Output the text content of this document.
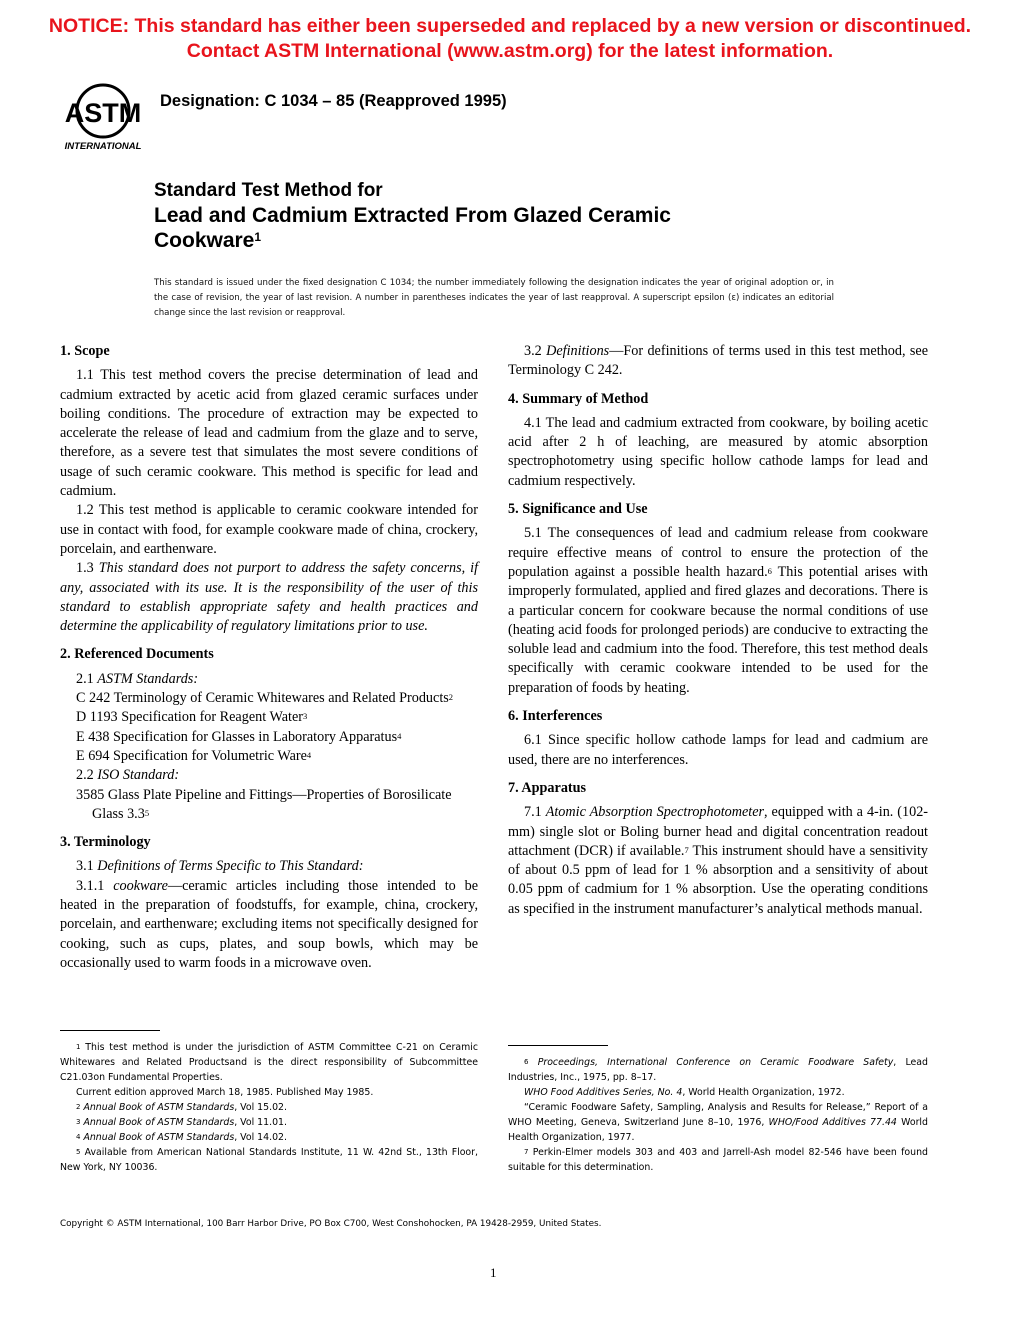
NOTICE: This standard has either been superseded and replaced by a new version or discontinued.
Contact ASTM International (www.astm.org) for the latest information.
ASTM
INTERNATIONAL
Designation: C 1034 – 85 (Reapproved 1995)
Standard Test Method for
Lead and Cadmium Extracted From Glazed Ceramic
Cookware$^1$
This standard is issued under the fixed designation C 1034; the number immediately following the designation indicates the year of original adoption or, in the case of revision, the year of last revision. A number in parentheses indicates the year of last reapproval. A superscript epsilon (ε) indicates an editorial change since the last revision or reapproval.
1. Scope

1.1 This test method covers the precise determination of lead and cadmium extracted by acetic acid from glazed ceramic surfaces under boiling conditions. The procedure of extraction may be expected to accelerate the release of lead and cadmium from the glaze and to serve, therefore, as a severe test that simulates the most severe conditions of usage of such ceramic cookware. This method is specific for lead and cadmium.

1.2 This test method is applicable to ceramic cookware intended for use in contact with food, for example cookware made of china, crockery, porcelain, and earthenware.

1.3 This standard does not purport to address the safety concerns, if any, associated with its use. It is the responsibility of the user of this standard to establish appropriate safety and health practices and determine the applicability of regulatory limitations prior to use.

2. Referenced Documents

2.1 ASTM Standards:

C 242 Terminology of Ceramic Whitewares and Related Products$^2$

D 1193 Specification for Reagent Water$^3$

E 438 Specification for Glasses in Laboratory Apparatus$^4$

E 694 Specification for Volumetric Ware$^4$

2.2 ISO Standard:

3585 Glass Plate Pipeline and Fittings—Properties of Borosilicate Glass $3.3^5$

3. Terminology

3.1 Definitions of Terms Specific to This Standard:

3.1.1 cookware—ceramic articles including those intended to be heated in the preparation of foodstuffs, for example, china, crockery, porcelain, and earthenware; excluding items not specifically designed for cooking, such as cups, plates, and soup bowls, which may be occasionally used to warm foods in a microwave oven.

3.2 Definitions—For definitions of terms used in this test method, see Terminology C 242.

4. Summary of Method

4.1 The lead and cadmium extracted from cookware, by boiling acetic acid after 2 h of leaching, are measured by atomic absorption spectrophotometry using specific hollow cathode lamps for lead and cadmium respectively.

5. Significance and Use

5.1 The consequences of lead and cadmium release from cookware require effective means of control to ensure the protection of the population against a possible health hazard.$^6$ This potential arises with improperly formulated, applied and fired glazes and decorations. There is a particular concern for cookware because the normal conditions of use (heating acid foods for prolonged periods) are conducive to extracting the soluble lead and cadmium into the food. Therefore, this test method deals specifically with ceramic cookware intended to be used for the preparation of foods by heating.

6. Interferences

6.1 Since specific hollow cathode lamps for lead and cadmium are used, there are no interferences.

7. Apparatus

7.1 Atomic Absorption Spectrophotometer, equipped with a 4-in. (102-mm) single slot or Boling burner head and digital concentration readout attachment (DCR) if available.$^7$ This instrument should have a sensitivity of about 0.5 ppm of lead for 1 % absorption and a sensitivity of about 0.05 ppm of cadmium for 1 % absorption. Use the operating conditions as specified in the instrument manufacturer’s analytical methods manual.

$^1$ This test method is under the jurisdiction of ASTM Committee C-21 on Ceramic Whitewares and Related Productsand is the direct responsibility of Subcommittee C21.03on Fundamental Properties.

Current edition approved March 18, 1985. Published May 1985.

$^2$ Annual Book of ASTM Standards, Vol 15.02.

$^3$ Annual Book of ASTM Standards, Vol 11.01.

$^4$ Annual Book of ASTM Standards, Vol 14.02.

$^5$ Available from American National Standards Institute, 11 W. 42nd St., 13th Floor, New York, NY 10036.

$^6$ Proceedings, International Conference on Ceramic Foodware Safety, Lead Industries, Inc., 1975, pp. 8–17.

WHO Food Additives Series, No. 4, World Health Organization, 1972.

“Ceramic Foodware Safety, Sampling, Analysis and Results for Release,” Report of a WHO Meeting, Geneva, Switzerland June 8–10, 1976, WHO/Food Additives 77.44 World Health Organization, 1977.

$^7$ Perkin-Elmer models 303 and 403 and Jarrell-Ash model 82-546 have been found suitable for this determination.

Copyright © ASTM International, 100 Barr Harbor Drive, PO Box C700, West Conshohocken, PA 19428-2959, United States.
1
